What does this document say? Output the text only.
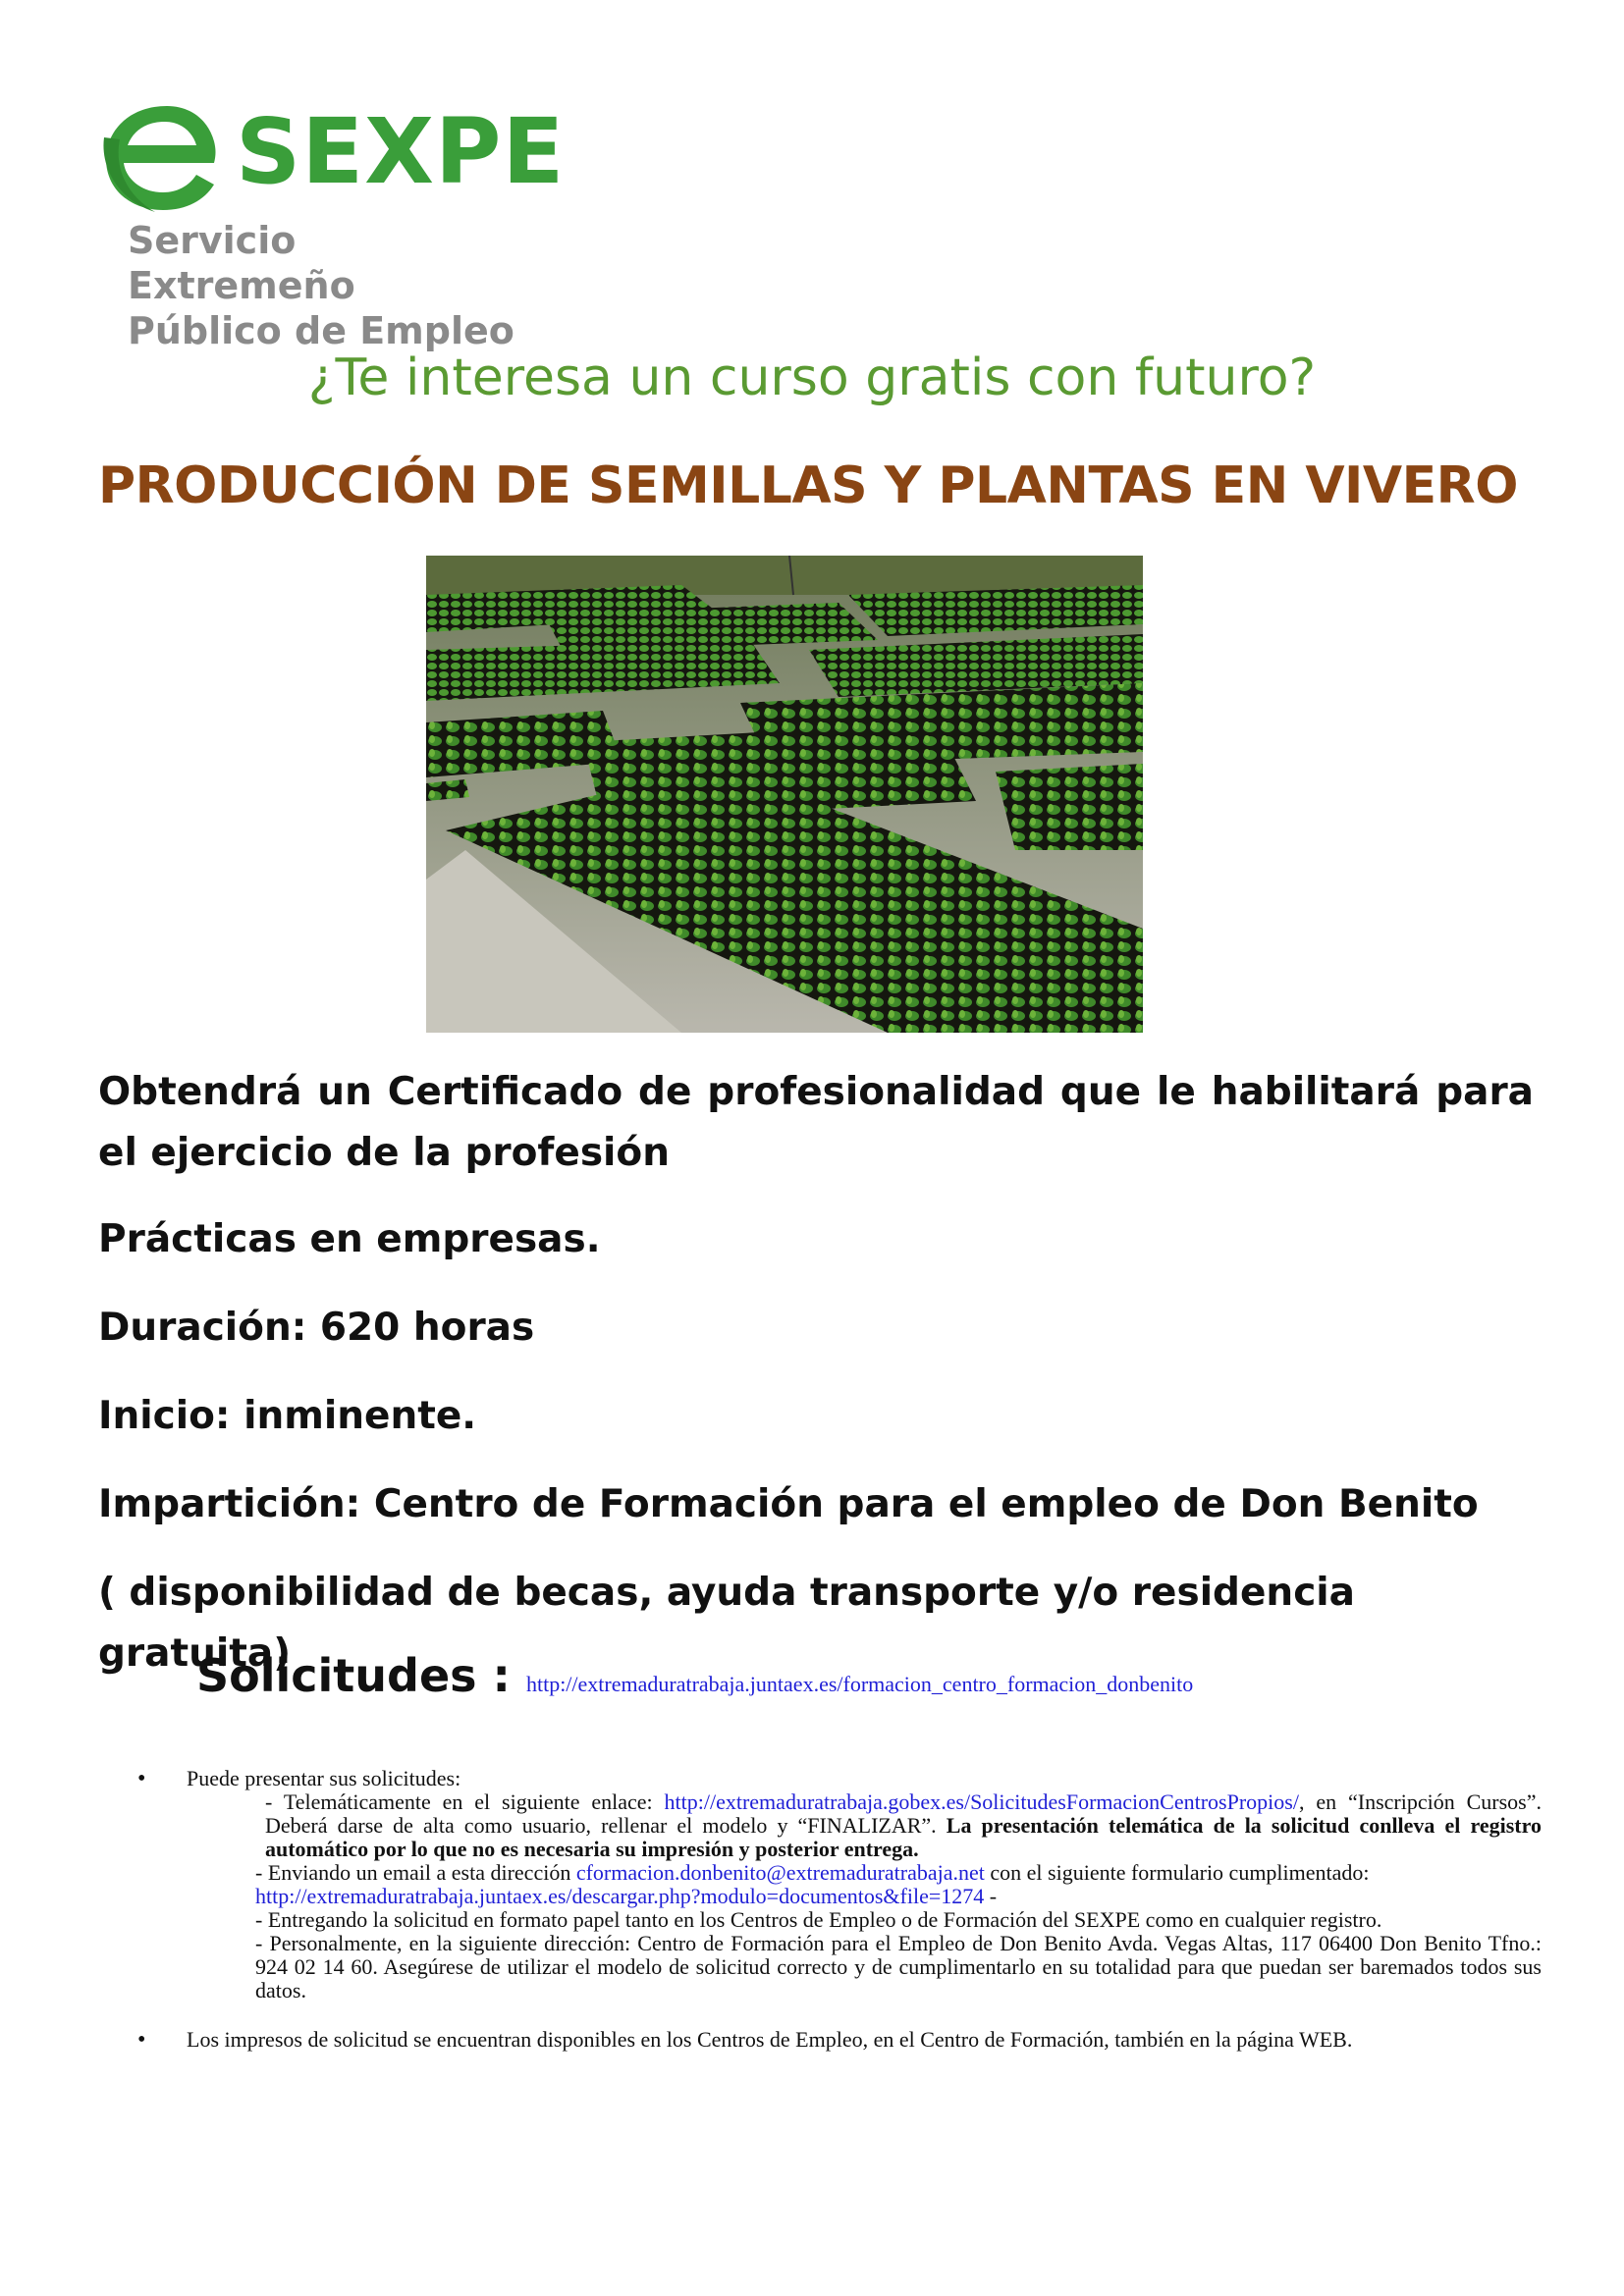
SEXPE
Servicio Extremeño
Público de Empleo
¿Te interesa un curso gratis con futuro?
PRODUCCIÓN DE SEMILLAS Y PLANTAS EN VIVERO

Obtendrá un Certificado de profesionalidad que le habilitará para el ejercicio de la profesión

Prácticas en empresas.

Duración: 620 horas

Inicio: inminente.

Impartición: Centro de Formación para el empleo de Don Benito

( disponibilidad de becas, ayuda transporte y/o residencia gratuita)

Solicitudes : http://extremaduratrabaja.juntaex.es/formacion_centro_formacion_donbenito
• Puede presentar sus solicitudes:
- Telemáticamente en el siguiente enlace: http://extremaduratrabaja.gobex.es/SolicitudesFormacionCentrosPropios/, en “Inscripción Cursos”. Deberá darse de alta como usuario, rellenar el modelo y “FINALIZAR”. La presentación telemática de la solicitud conlleva el registro automático por lo que no es necesaria su impresión y posterior entrega.
- Enviando un email a esta dirección cformacion.donbenito@extremaduratrabaja.net con el siguiente formulario cumplimentado:
http://extremaduratrabaja.juntaex.es/descargar.php?modulo=documentos&file=1274 -
- Entregando la solicitud en formato papel tanto en los Centros de Empleo o de Formación del SEXPE como en cualquier registro.
- Personalmente, en la siguiente dirección: Centro de Formación para el Empleo de Don Benito Avda. Vegas Altas, 117 06400 Don Benito Tfno.: 924 02 14 60. Asegúrese de utilizar el modelo de solicitud correcto y de cumplimentarlo en su totalidad para que puedan ser baremados todos sus datos.
• Los impresos de solicitud se encuentran disponibles en los Centros de Empleo, en el Centro de Formación, también en la página WEB.
